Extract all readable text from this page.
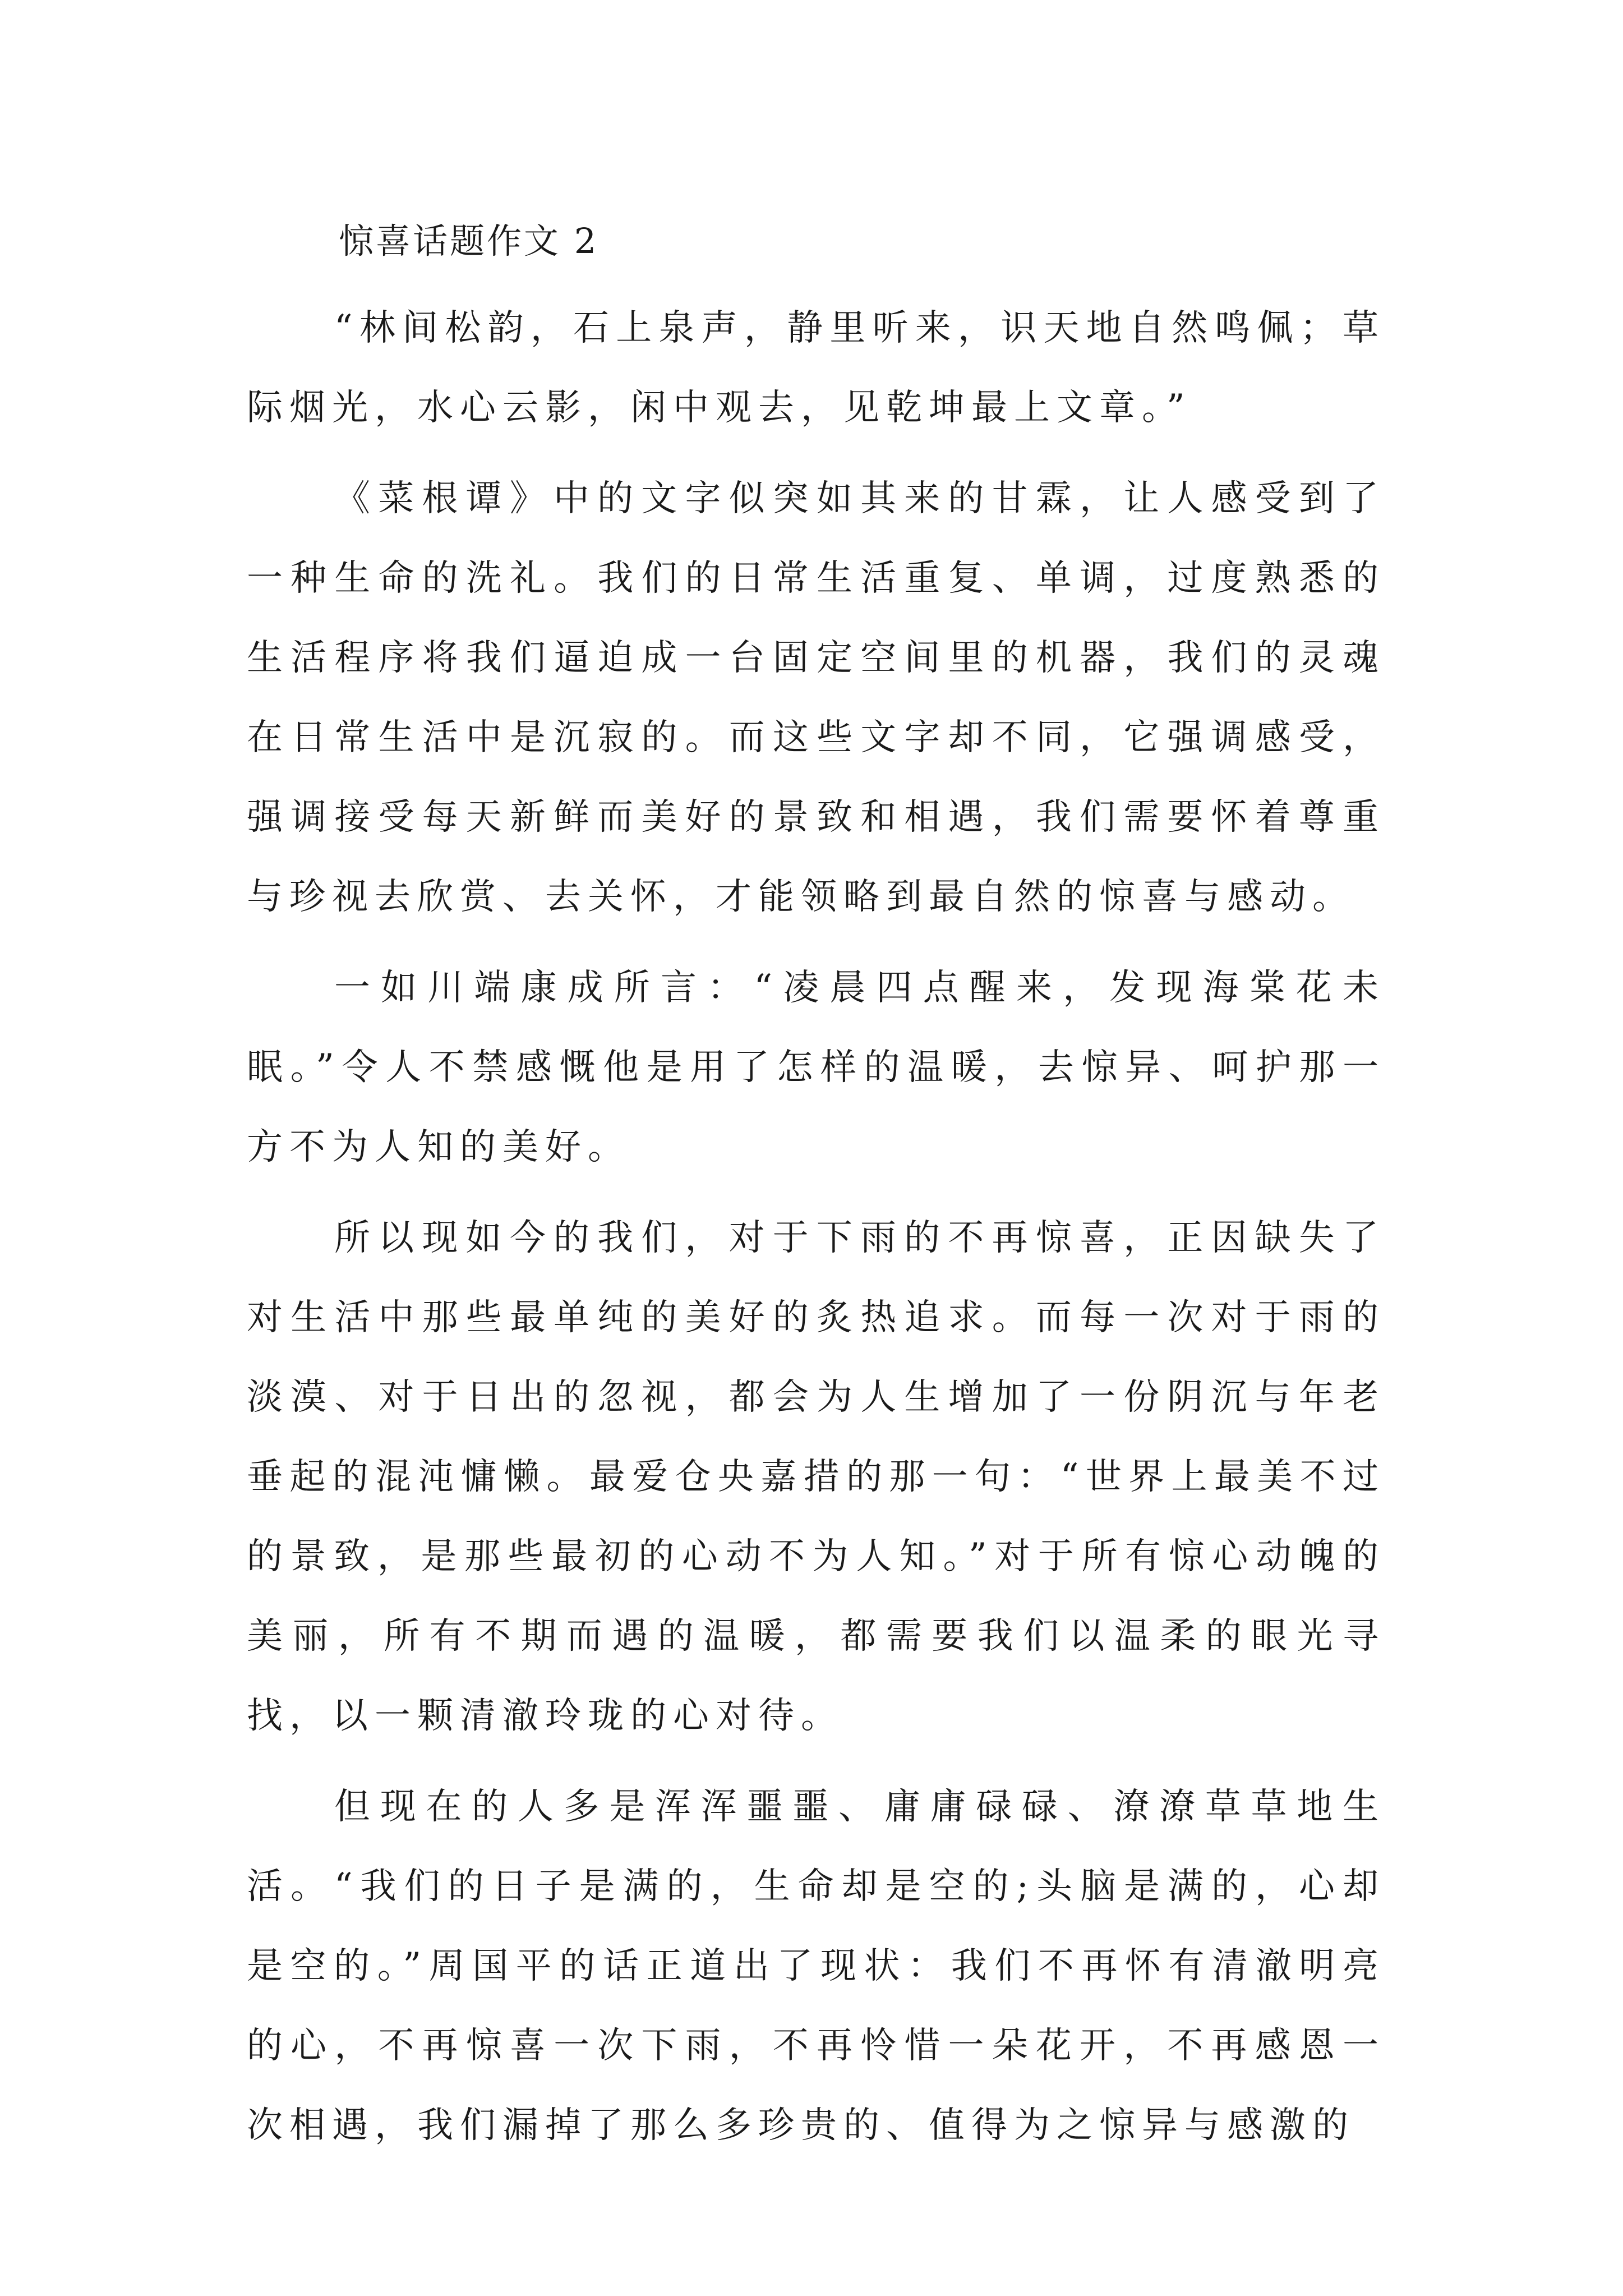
惊喜话题作文 2

“林间松韵，石上泉声，静里听来，识天地自然鸣佩；草际烟光，水心云影，闲中观去，见乾坤最上文章。”

《菜根谭》中的文字似突如其来的甘霖，让人感受到了一种生命的洗礼。我们的日常生活重复、单调，过度熟悉的生活程序将我们逼迫成一台固定空间里的机器，我们的灵魂在日常生活中是沉寂的。而这些文字却不同，它强调感受，强调接受每天新鲜而美好的景致和相遇，我们需要怀着尊重与珍视去欣赏、去关怀，才能领略到最自然的惊喜与感动。

一如川端康成所言：“凌晨四点醒来，发现海棠花未眠。”令人不禁感慨他是用了怎样的温暖，去惊异、呵护那一方不为人知的美好。

所以现如今的我们，对于下雨的不再惊喜，正因缺失了对生活中那些最单纯的美好的炙热追求。而每一次对于雨的淡漠、对于日出的忽视，都会为人生增加了一份阴沉与年老垂起的混沌慵懒。最爱仓央嘉措的那一句：“世界上最美不过的景致，是那些最初的心动不为人知。”对于所有惊心动魄的美丽，所有不期而遇的温暖，都需要我们以温柔的眼光寻找，以一颗清澈玲珑的心对待。

但现在的人多是浑浑噩噩、庸庸碌碌、潦潦草草地生活。“我们的日子是满的，生命却是空的;头脑是满的，心却是空的。”周国平的话正道出了现状：我们不再怀有清澈明亮的心，不再惊喜一次下雨，不再怜惜一朵花开，不再感恩一次相遇，我们漏掉了那么多珍贵的、值得为之惊异与感激的
